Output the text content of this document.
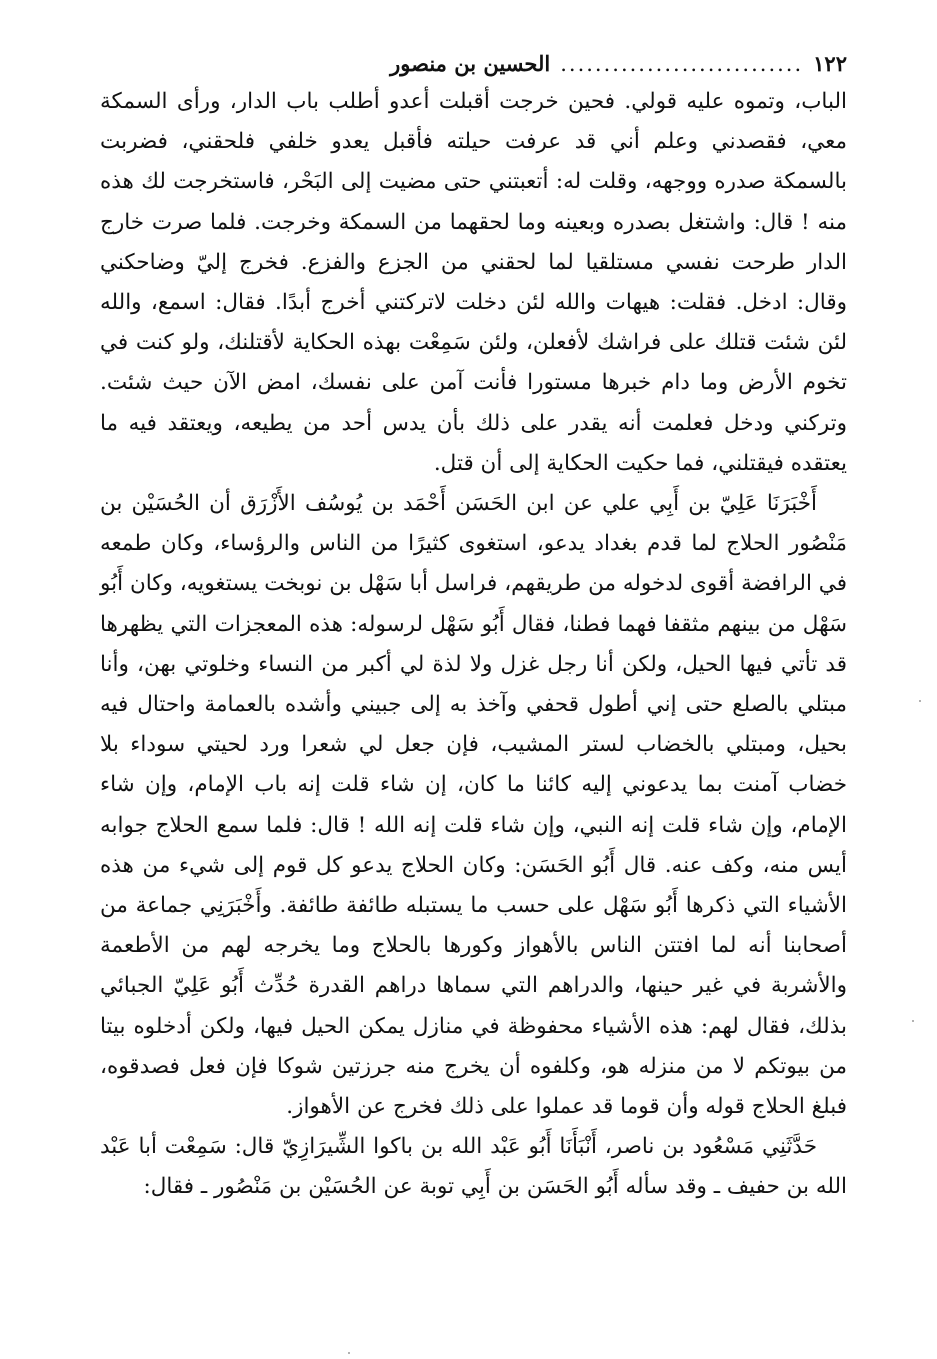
١٢٢
............................
الحسين بن منصور

الباب، وتموه عليه قولي. فحين خرجت أقبلت أعدو أطلب باب الدار، ورأى السمكة معي، فقصدني وعلم أني قد عرفت حيلته فأقبل يعدو خلفي فلحقني، فضربت بالسمكة صدره ووجهه، وقلت له: أتعبتني حتى مضيت إلى البَحْر، فاستخرجت لك هذه منه ! قال: واشتغل بصدره وبعينه وما لحقهما من السمكة وخرجت. فلما صرت خارج الدار طرحت نفسي مستلقيا لما لحقني من الجزع والفزع. فخرج إليّ وضاحكني وقال: ادخل. فقلت: هيهات والله لئن دخلت لاتركتني أخرج أبدًا. فقال: اسمع، والله لئن شئت قتلك على فراشك لأفعلن، ولئن سَمِعْت بهذه الحكاية لأقتلنك، ولو كنت في تخوم الأرض وما دام خبرها مستورا فأنت آمن على نفسك، امض الآن حيث شئت. وتركني ودخل فعلمت أنه يقدر على ذلك بأن يدس أحد من يطيعه، ويعتقد فيه ما يعتقده فيقتلني، فما حكيت الحكاية إلى أن قتل.

أَخْبَرَنَا عَلِيّ بن أَبِي علي عن ابن الحَسَن أَحْمَد بن يُوسُف الأَزْرَق أن الحُسَيْن بن مَنْصُور الحلاج لما قدم بغداد يدعو، استغوى كثيرًا من الناس والرؤساء، وكان طمعه في الرافضة أقوى لدخوله من طريقهم، فراسل أبا سَهْل بن نوبخت يستغويه، وكان أَبُو سَهْل من بينهم مثقفا فهما فطنا، فقال أَبُو سَهْل لرسوله: هذه المعجزات التي يظهرها قد تأتي فيها الحيل، ولكن أنا رجل غزل ولا لذة لي أكبر من النساء وخلوتي بهن، وأنا مبتلي بالصلع حتى إني أطول قحفي وآخذ به إلى جبيني وأشده بالعمامة واحتال فيه بحيل، ومبتلي بالخضاب لستر المشيب، فإن جعل لي شعرا ورد لحيتي سوداء بلا خضاب آمنت بما يدعوني إليه كائنا ما كان، إن شاء قلت إنه باب الإمام، وإن شاء الإمام، وإن شاء قلت إنه النبي، وإن شاء قلت إنه الله ! قال: فلما سمع الحلاج جوابه أيس منه، وكف عنه. قال أَبُو الحَسَن: وكان الحلاج يدعو كل قوم إلى شيء من هذه الأشياء التي ذكرها أَبُو سَهْل على حسب ما يستبله طائفة طائفة. وأَخْبَرَنِي جماعة من أصحابنا أنه لما افتتن الناس بالأهواز وكورها بالحلاج وما يخرجه لهم من الأطعمة والأشربة في غير حينها، والدراهم التي سماها دراهم القدرة حُدِّث أَبُو عَلِيّ الجبائي بذلك، فقال لهم: هذه الأشياء محفوظة في منازل يمكن الحيل فيها، ولكن أدخلوه بيتا من بيوتكم لا من منزله هو، وكلفوه أن يخرج منه جرزتين شوكا فإن فعل فصدقوه، فبلغ الحلاج قوله وأن قوما قد عملوا على ذلك فخرج عن الأهواز.

حَدَّثَنِي مَسْعُود بن ناصر، أَنْبَأَنَا أَبُو عَبْد الله بن باكوا الشِّيرَازِيّ قال: سَمِعْت أبا عَبْد الله بن حفيف ـ وقد سأله أَبُو الحَسَن بن أَبِي توبة عن الحُسَيْن بن مَنْصُور ـ فقال:
